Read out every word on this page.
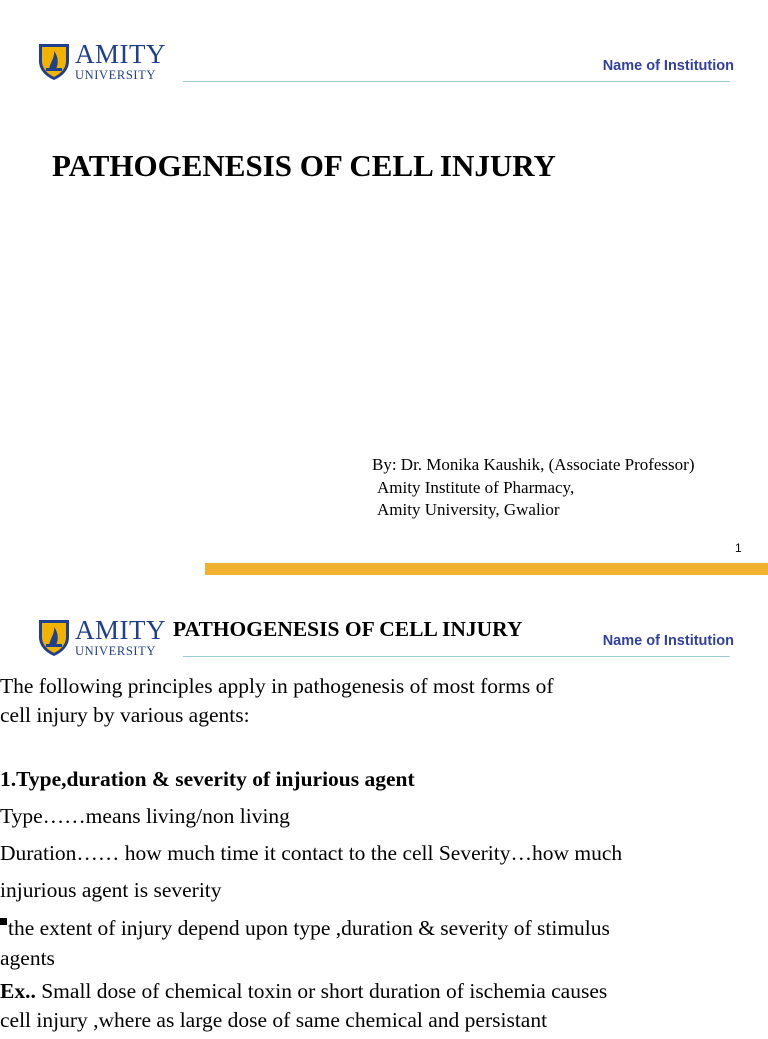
AMITY
UNIVERSITY
Name of Institution
PATHOGENESIS OF CELL INJURY
By: Dr. Monika Kaushik, (Associate Professor)
Amity Institute of Pharmacy,
Amity University, Gwalior
1
AMITY
UNIVERSITY
PATHOGENESIS OF CELL INJURY	Name of Institution
The following principles apply in pathogenesis of most forms of
cell injury by various agents:
1.Type,duration & severity of injurious agent
Type……means living/non living
Duration…… how much time it contact to the cell Severity…how much
injurious agent is severity
the extent of injury depend upon type ,duration & severity of stimulus
agents
Ex.. Small dose of chemical toxin or short duration of ischemia causes
cell injury ,where as large dose of same chemical and persistant
